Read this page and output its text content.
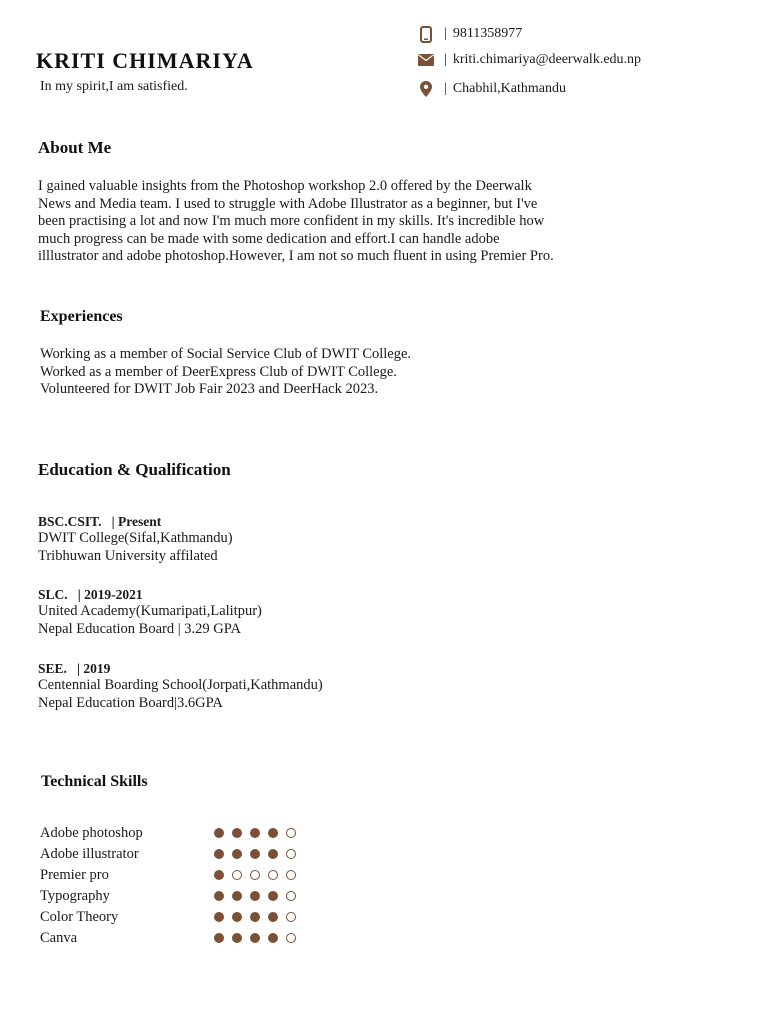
KRITI CHIMARIYA
In my spirit,I am satisfied.
| 9811358977
| kriti.chimariya@deerwalk.edu.np
| Chabhil,Kathmandu
About Me
I gained valuable insights from the Photoshop workshop 2.0 offered by the Deerwalk
News and Media team. I used to struggle with Adobe Illustrator as a beginner, but I've
been practising a lot and now I'm much more confident in my skills. It's incredible how
much progress can be made with some dedication and effort.I can handle adobe
illlustrator and adobe photoshop.However, I am not so much fluent in using Premier Pro.
Experiences
Working as a member of Social Service Club of DWIT College.
Worked as a member of DeerExpress Club of DWIT College.
Volunteered for DWIT Job Fair 2023 and DeerHack 2023.
Education & Qualification
BSC.CSIT.   | Present
DWIT College(Sifal,Kathmandu)
Tribhuwan University affilated
SLC.   | 2019-2021
United Academy(Kumaripati,Lalitpur)
Nepal Education Board | 3.29 GPA
SEE.   | 2019
Centennial Boarding School(Jorpati,Kathmandu)
Nepal Education Board|3.6GPA
Technical Skills
Adobe photoshop
Adobe illustrator
Premier pro
Typography
Color Theory
Canva
